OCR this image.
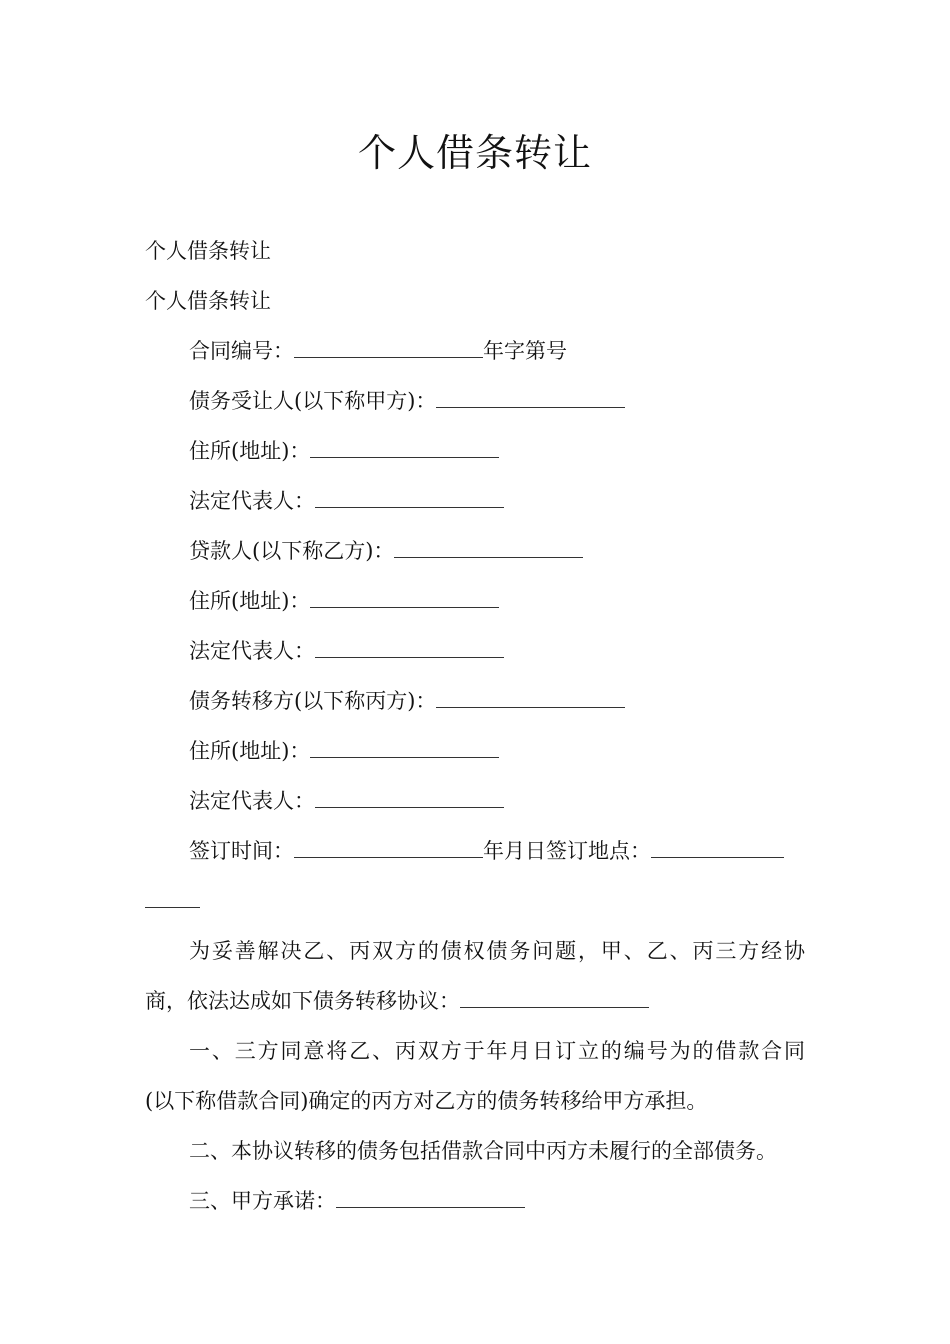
个人借条转让
个人借条转让
个人借条转让
合同编号：	年字第号
债务受让人(以下称甲方)：
住所(地址)：
法定代表人：
贷款人(以下称乙方)：
住所(地址)：
法定代表人：
债务转移方(以下称丙方)：
住所(地址)：
法定代表人：
签订时间：	年月日签订地点：
为妥善解决乙、丙双方的债权债务问题，甲、乙、丙三方经协
商，依法达成如下债务转移协议：
一、三方同意将乙、丙双方于年月日订立的编号为的借款合同
(以下称借款合同)确定的丙方对乙方的债务转移给甲方承担。
二、本协议转移的债务包括借款合同中丙方未履行的全部债务。
三、甲方承诺：
